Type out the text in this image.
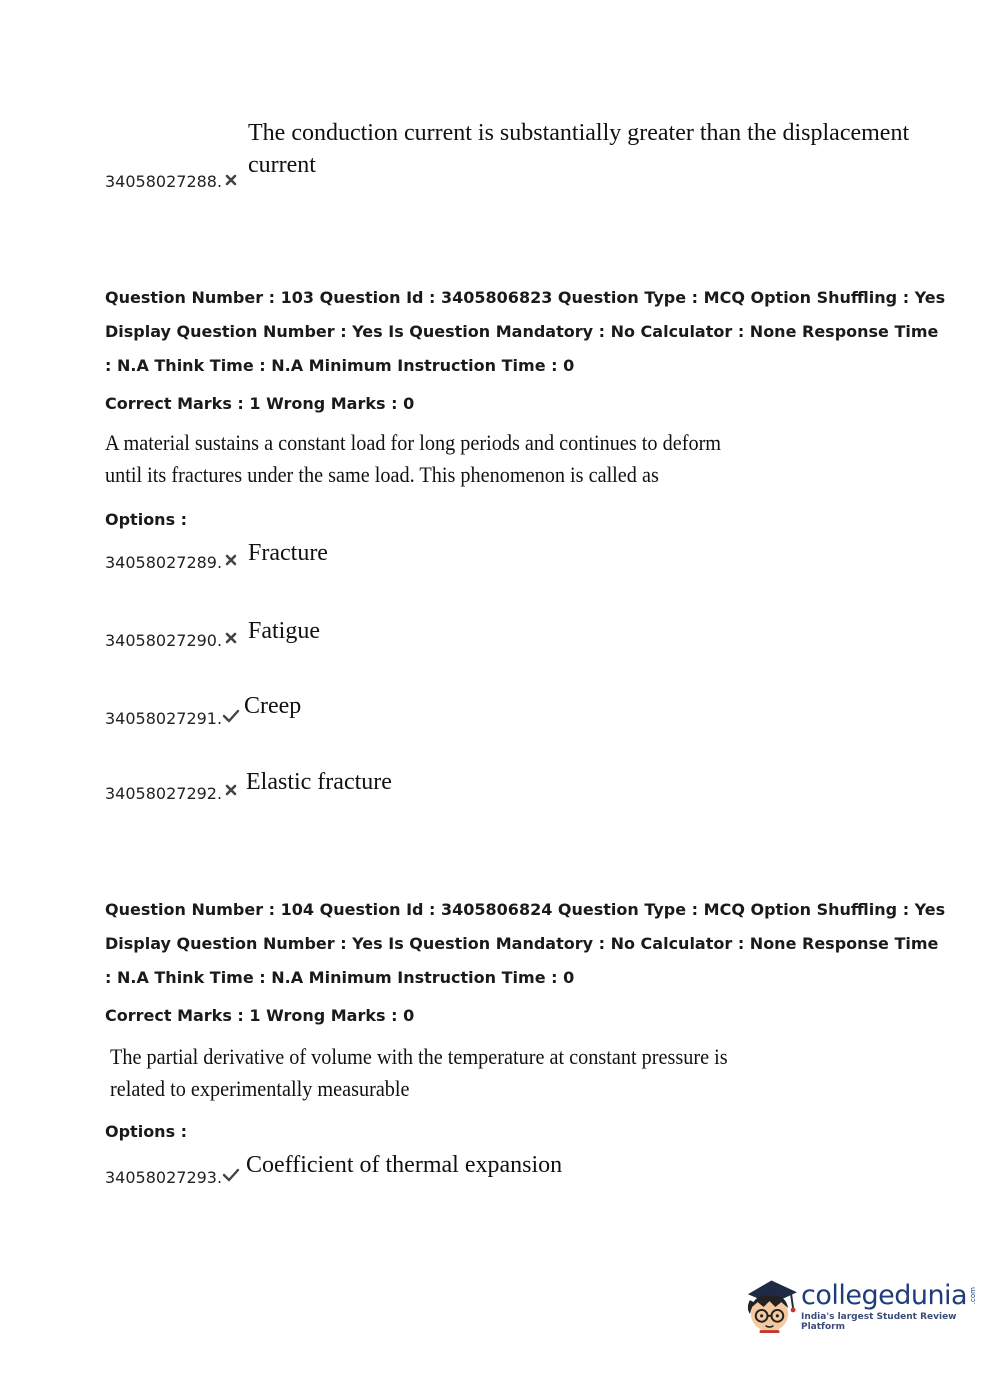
The conduction current is substantially greater than the displacement
current
34058027288.
Question Number : 103 Question Id : 3405806823 Question Type : MCQ Option Shuffling : Yes
Display Question Number : Yes Is Question Mandatory : No Calculator : None Response Time
: N.A Think Time : N.A Minimum Instruction Time : 0
Correct Marks : 1 Wrong Marks : 0
A material sustains a constant load for long periods and continues to deform
until its fractures under the same load. This phenomenon is called as
Options :
34058027289. Fracture
34058027290. Fatigue
34058027291. Creep
34058027292. Elastic fracture
Question Number : 104 Question Id : 3405806824 Question Type : MCQ Option Shuffling : Yes
Display Question Number : Yes Is Question Mandatory : No Calculator : None Response Time
: N.A Think Time : N.A Minimum Instruction Time : 0
Correct Marks : 1 Wrong Marks : 0
The partial derivative of volume with the temperature at constant pressure is
related to experimentally measurable
Options :
34058027293. Coefficient of thermal expansion
collegedunia .com
India's largest Student Review Platform
